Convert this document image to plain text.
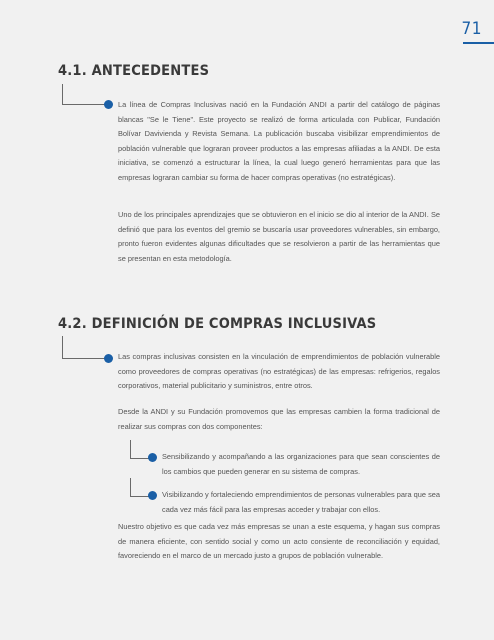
71
4.1. ANTECEDENTES

La línea de Compras Inclusivas nació en la Fundación ANDI a partir del catálogo de páginas blancas "Se le Tiene". Este proyecto se realizó de forma articulada con Publicar, Fundación Bolívar Davivienda y Revista Semana. La publicación buscaba visibilizar emprendimientos de población vulnerable que lograran proveer productos a las empresas afiliadas a la ANDI. De esta iniciativa, se comenzó a estructurar la línea, la cual luego generó herramientas para que las empresas lograran cambiar su forma de hacer compras operativas (no estratégicas).

Uno de los principales aprendizajes que se obtuvieron en el inicio se dio al interior de la ANDI. Se definió que para los eventos del gremio se buscaría usar proveedores vulnerables, sin embargo, pronto fueron evidentes algunas dificultades que se resolvieron a partir de las herramientas que se presentan en esta metodología.

4.2. DEFINICIÓN DE COMPRAS INCLUSIVAS

Las compras inclusivas consisten en la vinculación de emprendimientos de población vulnerable como proveedores de compras operativas (no estratégicas) de las empresas: refrigerios, regalos corporativos, material publicitario y suministros, entre otros.

Desde la ANDI y su Fundación promovemos que las empresas cambien la forma tradicional de realizar sus compras con dos componentes:

Sensibilizando y acompañando a las organizaciones para que sean conscientes de los cambios que pueden generar en su sistema de compras.

Visibilizando y fortaleciendo emprendimientos de personas vulnerables para que sea cada vez más fácil para las empresas acceder y trabajar con ellos.

Nuestro objetivo es que cada vez más empresas se unan a este esquema, y hagan sus compras de manera eficiente, con sentido social y como un acto consiente de reconciliación y equidad, favoreciendo en el marco de un mercado justo a grupos de población vulnerable.
